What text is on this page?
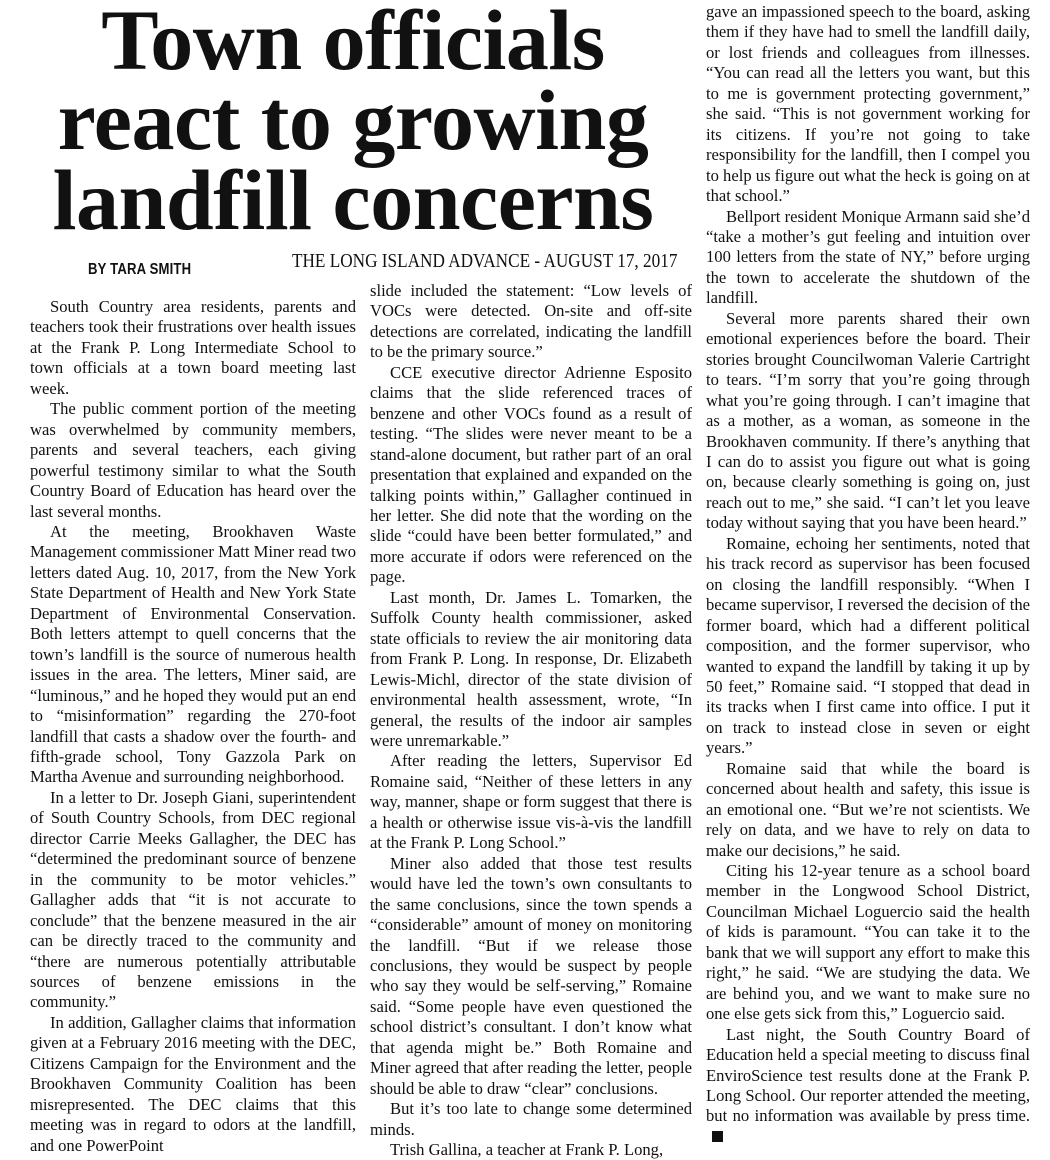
Town officials
react to growing
landfill concerns
BY TARA SMITH	THE LONG ISLAND ADVANCE - AUGUST 17, 2017

South Country area residents, parents and teachers took their frustrations over health issues at the Frank P. Long Intermediate School to town officials at a town board meeting last week.

The public comment portion of the meeting was overwhelmed by community members, parents and several teachers, each giving powerful testimony similar to what the South Country Board of Education has heard over the last several months.

At the meeting, Brookhaven Waste Management commissioner Matt Miner read two letters dated Aug. 10, 2017, from the New York State Department of Health and New York State Department of Environmental Conservation. Both letters attempt to quell concerns that the town’s landfill is the source of numerous health issues in the area. The letters, Miner said, are “luminous,” and he hoped they would put an end to “misinformation” regarding the 270-foot landfill that casts a shadow over the fourth- and fifth-grade school, Tony Gazzola Park on Martha Avenue and surrounding neighborhood.

In a letter to Dr. Joseph Giani, superintendent of South Country Schools, from DEC regional director Carrie Meeks Gallagher, the DEC has “determined the predominant source of benzene in the community to be motor vehicles.” Gallagher adds that “it is not accurate to conclude” that the benzene measured in the air can be directly traced to the community and “there are numerous potentially attributable sources of benzene emissions in the community.”

In addition, Gallagher claims that information given at a February 2016 meeting with the DEC, Citizens Campaign for the Environment and the Brookhaven Community Coalition has been misrepresented. The DEC claims that this meeting was in regard to odors at the landfill, and one PowerPoint

slide included the statement: “Low levels of VOCs were detected. On-site and off-site detections are correlated, indicating the landfill to be the primary source.”

CCE executive director Adrienne Esposito claims that the slide referenced traces of benzene and other VOCs found as a result of testing. “The slides were never meant to be a stand-alone document, but rather part of an oral presentation that explained and expanded on the talking points within,” Gallagher continued in her letter. She did note that the wording on the slide “could have been better formulated,” and more accurate if odors were referenced on the page.

Last month, Dr. James L. Tomarken, the Suffolk County health commissioner, asked state officials to review the air monitoring data from Frank P. Long. In response, Dr. Elizabeth Lewis-Michl, director of the state division of environmental health assessment, wrote, “In general, the results of the indoor air samples were unremarkable.”

After reading the letters, Supervisor Ed Romaine said, “Neither of these letters in any way, manner, shape or form suggest that there is a health or otherwise issue vis-à-vis the landfill at the Frank P. Long School.”

Miner also added that those test results would have led the town’s own consultants to the same conclusions, since the town spends a “considerable” amount of money on monitoring the landfill. “But if we release those conclusions, they would be suspect by people who say they would be self-serving,” Romaine said. “Some people have even questioned the school district’s consultant. I don’t know what that agenda might be.” Both Romaine and Miner agreed that after reading the letter, people should be able to draw “clear” conclusions.

But it’s too late to change some determined minds.

Trish Gallina, a teacher at Frank P. Long,

gave an impassioned speech to the board, asking them if they have had to smell the landfill daily, or lost friends and colleagues from illnesses. “You can read all the letters you want, but this to me is government protecting government,” she said. “This is not government working for its citizens. If you’re not going to take responsibility for the landfill, then I compel you to help us figure out what the heck is going on at that school.”

Bellport resident Monique Armann said she’d “take a mother’s gut feeling and intuition over 100 letters from the state of NY,” before urging the town to accelerate the shutdown of the landfill.

Several more parents shared their own emotional experiences before the board. Their stories brought Councilwoman Valerie Cartright to tears. “I’m sorry that you’re going through what you’re going through. I can’t imagine that as a mother, as a woman, as someone in the Brookhaven community. If there’s anything that I can do to assist you figure out what is going on, because clearly something is going on, just reach out to me,” she said. “I can’t let you leave today without saying that you have been heard.”

Romaine, echoing her sentiments, noted that his track record as supervisor has been focused on closing the landfill responsibly. “When I became supervisor, I reversed the decision of the former board, which had a different political composition, and the former supervisor, who wanted to expand the landfill by taking it up by 50 feet,” Romaine said. “I stopped that dead in its tracks when I first came into office. I put it on track to instead close in seven or eight years.”

Romaine said that while the board is concerned about health and safety, this issue is an emotional one. “But we’re not scientists. We rely on data, and we have to rely on data to make our decisions,” he said.

Citing his 12-year tenure as a school board member in the Longwood School District, Councilman Michael Loguercio said the health of kids is paramount. “You can take it to the bank that we will support any effort to make this right,” he said. “We are studying the data. We are behind you, and we want to make sure no one else gets sick from this,” Loguercio said.

Last night, the South Country Board of Education held a special meeting to discuss final EnviroScience test results done at the Frank P. Long School. Our reporter attended the meeting, but no information was available by press time.
